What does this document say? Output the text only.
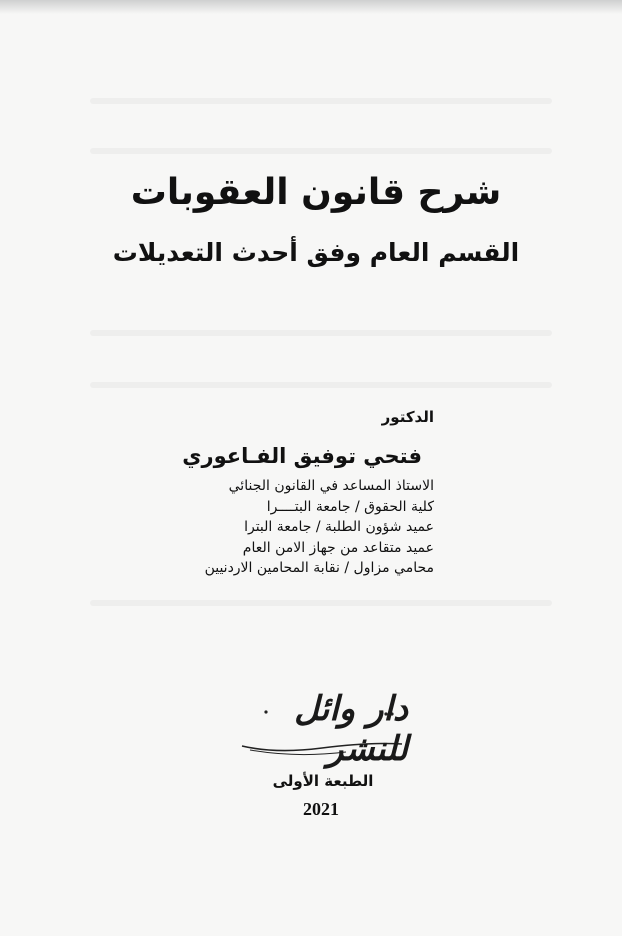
شرح قانون العقوبات
القسم العام وفق أحدث التعديلات

الدكتور

فتحي توفيق الفـاعوري

الاستاذ المساعد في القانون الجنائي

كلية الحقوق / جامعة البتــــرا

عميد شؤون الطلبة / جامعة البترا

عميد متقاعد من جهاز الامن العام

محامي مزاول / نقابة المحامين الاردنيين

دار وائل للنشر

الطبعة الأولى

2021
